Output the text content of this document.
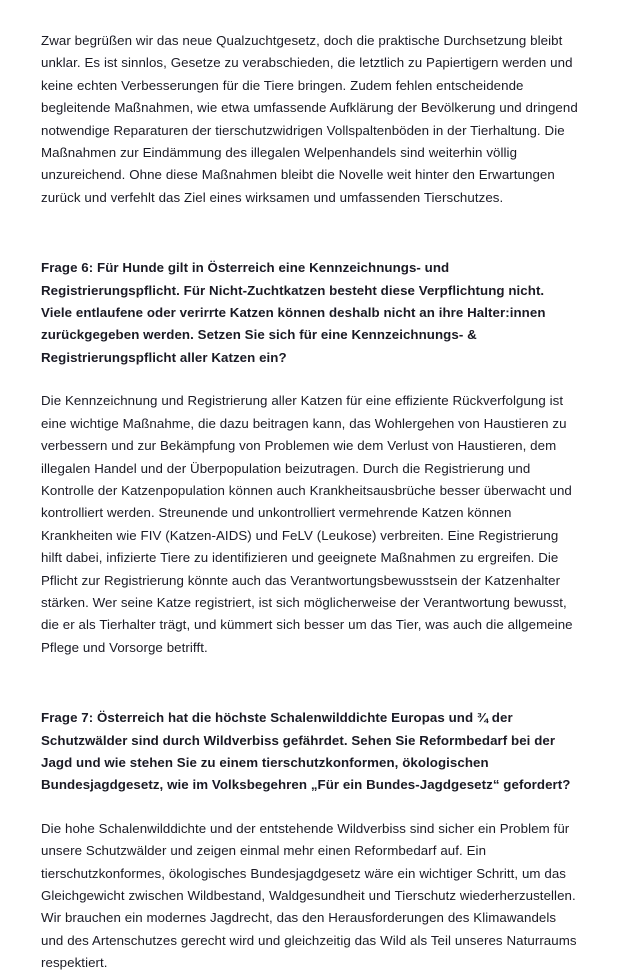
Zwar begrüßen wir das neue Qualzuchtgesetz, doch die praktische Durchsetzung bleibt unklar. Es ist sinnlos, Gesetze zu verabschieden, die letztlich zu Papiertigern werden und keine echten Verbesserungen für die Tiere bringen. Zudem fehlen entscheidende begleitende Maßnahmen, wie etwa umfassende Aufklärung der Bevölkerung und dringend notwendige Reparaturen der tierschutzwidrigen Vollspaltenböden in der Tierhaltung. Die Maßnahmen zur Eindämmung des illegalen Welpenhandels sind weiterhin völlig unzureichend. Ohne diese Maßnahmen bleibt die Novelle weit hinter den Erwartungen zurück und verfehlt das Ziel eines wirksamen und umfassenden Tierschutzes.

Frage 6: Für Hunde gilt in Österreich eine Kennzeichnungs- und Registrierungspflicht. Für Nicht-Zuchtkatzen besteht diese Verpflichtung nicht. Viele entlaufene oder verirrte Katzen können deshalb nicht an ihre Halter:innen zurückgegeben werden. Setzen Sie sich für eine Kennzeichnungs- & Registrierungspflicht aller Katzen ein?

Die Kennzeichnung und Registrierung aller Katzen für eine effiziente Rückverfolgung ist eine wichtige Maßnahme, die dazu beitragen kann, das Wohlergehen von Haustieren zu verbessern und zur Bekämpfung von Problemen wie dem Verlust von Haustieren, dem illegalen Handel und der Überpopulation beizutragen. Durch die Registrierung und Kontrolle der Katzenpopulation können auch Krankheitsausbrüche besser überwacht und kontrolliert werden. Streunende und unkontrolliert vermehrende Katzen können Krankheiten wie FIV (Katzen-AIDS) und FeLV (Leukose) verbreiten. Eine Registrierung hilft dabei, infizierte Tiere zu identifizieren und geeignete Maßnahmen zu ergreifen. Die Pflicht zur Registrierung könnte auch das Verantwortungsbewusstsein der Katzenhalter stärken. Wer seine Katze registriert, ist sich möglicherweise der Verantwortung bewusst, die er als Tierhalter trägt, und kümmert sich besser um das Tier, was auch die allgemeine Pflege und Vorsorge betrifft.

Frage 7: Österreich hat die höchste Schalenwilddichte Europas und ¾ der Schutzwälder sind durch Wildverbiss gefährdet. Sehen Sie Reformbedarf bei der Jagd und wie stehen Sie zu einem tierschutzkonformen, ökologischen Bundesjagdgesetz, wie im Volksbegehren „Für ein Bundes-Jagdgesetz“ gefordert?

Die hohe Schalenwilddichte und der entstehende Wildverbiss sind sicher ein Problem für unsere Schutzwälder und zeigen einmal mehr einen Reformbedarf auf. Ein tierschutzkonformes, ökologisches Bundesjagdgesetz wäre ein wichtiger Schritt, um das Gleichgewicht zwischen Wildbestand, Waldgesundheit und Tierschutz wiederherzustellen. Wir brauchen ein modernes Jagdrecht, das den Herausforderungen des Klimawandels und des Artenschutzes gerecht wird und gleichzeitig das Wild als Teil unseres Naturraums respektiert.
